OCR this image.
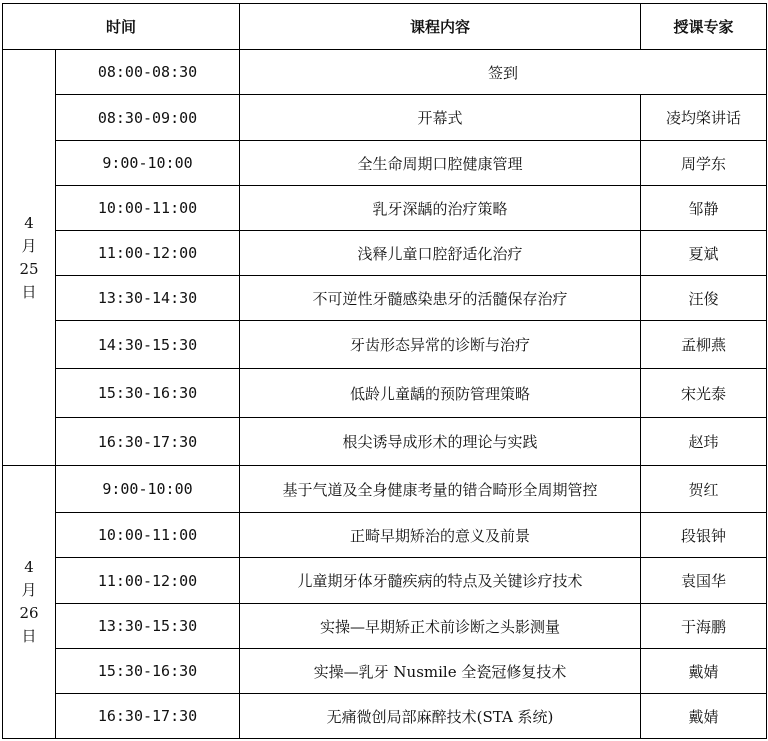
时间		课程内容	授课专家

4
月
25
日	08:00-08:30	签到	
	08:30-09:00	开幕式	凌均棨讲话
	9:00-10:00	全生命周期口腔健康管理	周学东
	10:00-11:00	乳牙深龋的治疗策略	邹静
	11:00-12:00	浅释儿童口腔舒适化治疗	夏斌
	13:30-14:30	不可逆性牙髓感染患牙的活髓保存治疗	汪俊
	14:30-15:30	牙齿形态异常的诊断与治疗	孟柳燕
	15:30-16:30	低龄儿童龋的预防管理策略	宋光泰
	16:30-17:30	根尖诱导成形术的理论与实践	赵玮

4
月
26
日	9:00-10:00	基于气道及全身健康考量的错合畸形全周期管控	贺红
	10:00-11:00	正畸早期矫治的意义及前景	段银钟
	11:00-12:00	儿童期牙体牙髓疾病的特点及关键诊疗技术	袁国华
	13:30-15:30	实操—早期矫正术前诊断之头影测量	于海鹏
	15:30-16:30	实操—乳牙 Nusmile 全瓷冠修复技术	戴婧
	16:30-17:30	无痛微创局部麻醉技术(STA 系统)	戴婧
